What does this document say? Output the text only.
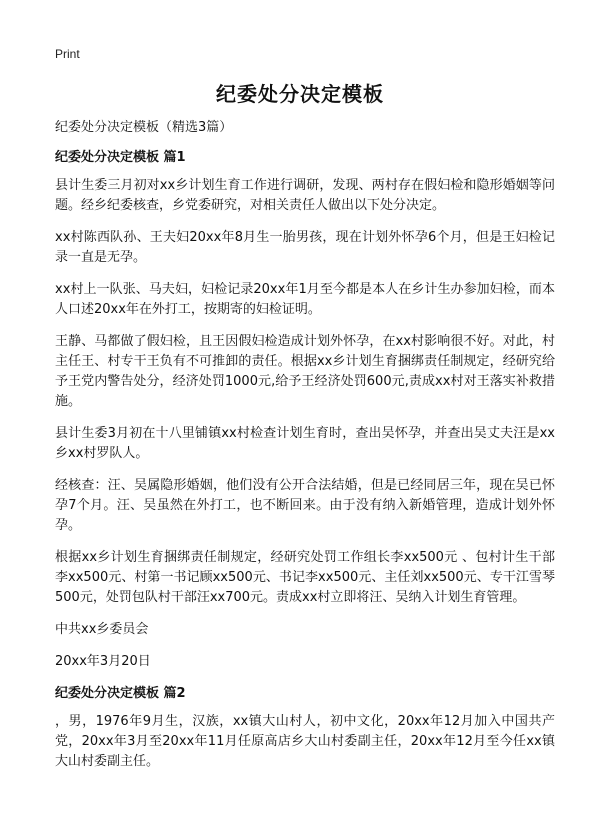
Print
纪委处分决定模板
纪委处分决定模板（精选3篇）
纪委处分决定模板 篇1

县计生委三月初对xx乡计划生育工作进行调研，发现、两村存在假妇检和隐形婚姻等问题。经乡纪委核查，乡党委研究，对相关责任人做出以下处分决定。

xx村陈西队孙、王夫妇20xx年8月生一胎男孩，现在计划外怀孕6个月，但是王妇检记录一直是无孕。

xx村上一队张、马夫妇，妇检记录20xx年1月至今都是本人在乡计生办参加妇检，而本人口述20xx年在外打工，按期寄的妇检证明。

王静、马都做了假妇检，且王因假妇检造成计划外怀孕，在xx村影响很不好。对此，村主任王、村专干王负有不可推卸的责任。根据xx乡计划生育捆绑责任制规定，经研究给予王党内警告处分，经济处罚1000元,给予王经济处罚600元,责成xx村对王落实补救措施。

县计生委3月初在十八里铺镇xx村检查计划生育时，查出吴怀孕，并查出吴丈夫汪是xx乡xx村罗队人。

经核查：汪、吴属隐形婚姻，他们没有公开合法结婚，但是已经同居三年，现在吴已怀孕7个月。汪、吴虽然在外打工，也不断回来。由于没有纳入新婚管理，造成计划外怀孕。

根据xx乡计划生育捆绑责任制规定，经研究处罚工作组长李xx500元 、包村计生干部李xx500元、村第一书记顾xx500元、书记李xx500元、主任刘xx500元、专干江雪琴500元，处罚包队村干部汪xx700元。责成xx村立即将汪、吴纳入计划生育管理。

中共xx乡委员会
20xx年3月20日
纪委处分决定模板 篇2

，男，1976年9月生，汉族，xx镇大山村人，初中文化，20xx年12月加入中国共产党，20xx年3月至20xx年11月任原高店乡大山村委副主任，20xx年12月至今任xx镇大山村委副主任。
